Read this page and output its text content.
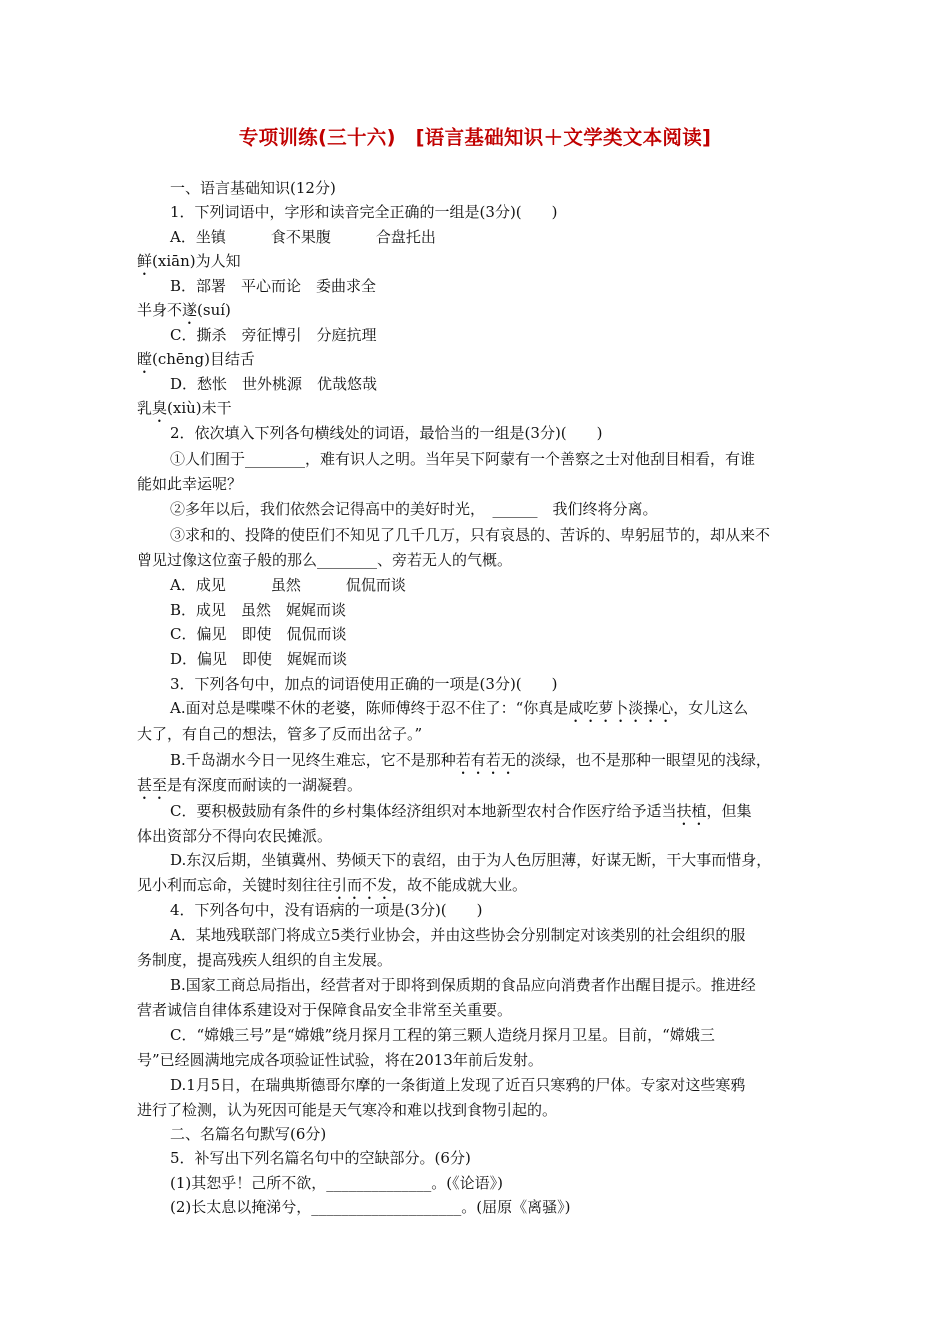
专项训练(三十六)　[语言基础知识＋文学类文本阅读]
一、语言基础知识(12分)
1．下列词语中，字形和读音完全正确的一组是(3分)(　　)
A．坐镇　　　食不果腹　　　合盘托出
鲜(xiān)为人知
B．部署　平心而论　委曲求全
半身不遂(suí)
C．撕杀　旁征博引　分庭抗理
瞠(chēng)目结舌
D．愁怅　世外桃源　优哉悠哉
乳臭(xiù)未干
2．依次填入下列各句横线处的词语，最恰当的一组是(3分)(　　)
①人们囿于________，难有识人之明。当年吴下阿蒙有一个善察之士对他刮目相看，有谁
能如此幸运呢？
②多年以后，我们依然会记得高中的美好时光，　______　我们终将分离。
③求和的、投降的使臣们不知见了几千几万，只有哀恳的、苦诉的、卑躬屈节的，却从来不
曾见过像这位蛮子般的那么________、旁若无人的气概。
A．成见　　　虽然　　　侃侃而谈
B．成见　虽然　娓娓而谈
C．偏见　即使　侃侃而谈
D．偏见　即使　娓娓而谈
3．下列各句中，加点的词语使用正确的一项是(3分)(　　)
A.面对总是喋喋不休的老婆，陈师傅终于忍不住了：“你真是咸吃萝卜淡操心，女儿这么
大了，有自己的想法，管多了反而出岔子。”
B.千岛湖水今日一见终生难忘，它不是那种若有若无的淡绿，也不是那种一眼望见的浅绿，
甚至是有深度而耐读的一湖凝碧。
C．要积极鼓励有条件的乡村集体经济组织对本地新型农村合作医疗给予适当扶植，但集
体出资部分不得向农民摊派。
D.东汉后期，坐镇冀州、势倾天下的袁绍，由于为人色厉胆薄，好谋无断，干大事而惜身，
见小利而忘命，关键时刻往往引而不发，故不能成就大业。
4．下列各句中，没有语病的一项是(3分)(　　)
A．某地残联部门将成立5类行业协会，并由这些协会分别制定对该类别的社会组织的服
务制度，提高残疾人组织的自主发展。
B.国家工商总局指出，经营者对于即将到保质期的食品应向消费者作出醒目提示。推进经
营者诚信自律体系建设对于保障食品安全非常至关重要。
C．“嫦娥三号”是“嫦娥”绕月探月工程的第三颗人造绕月探月卫星。目前，“嫦娥三
号”已经圆满地完成各项验证性试验，将在2013年前后发射。
D.1月5日，在瑞典斯德哥尔摩的一条街道上发现了近百只寒鸦的尸体。专家对这些寒鸦
进行了检测，认为死因可能是天气寒冷和难以找到食物引起的。
二、名篇名句默写(6分)
5．补写出下列名篇名句中的空缺部分。(6分)
(1)其恕乎！己所不欲，______________。(《论语》)
(2)长太息以掩涕兮，____________________。(屈原《离骚》)
